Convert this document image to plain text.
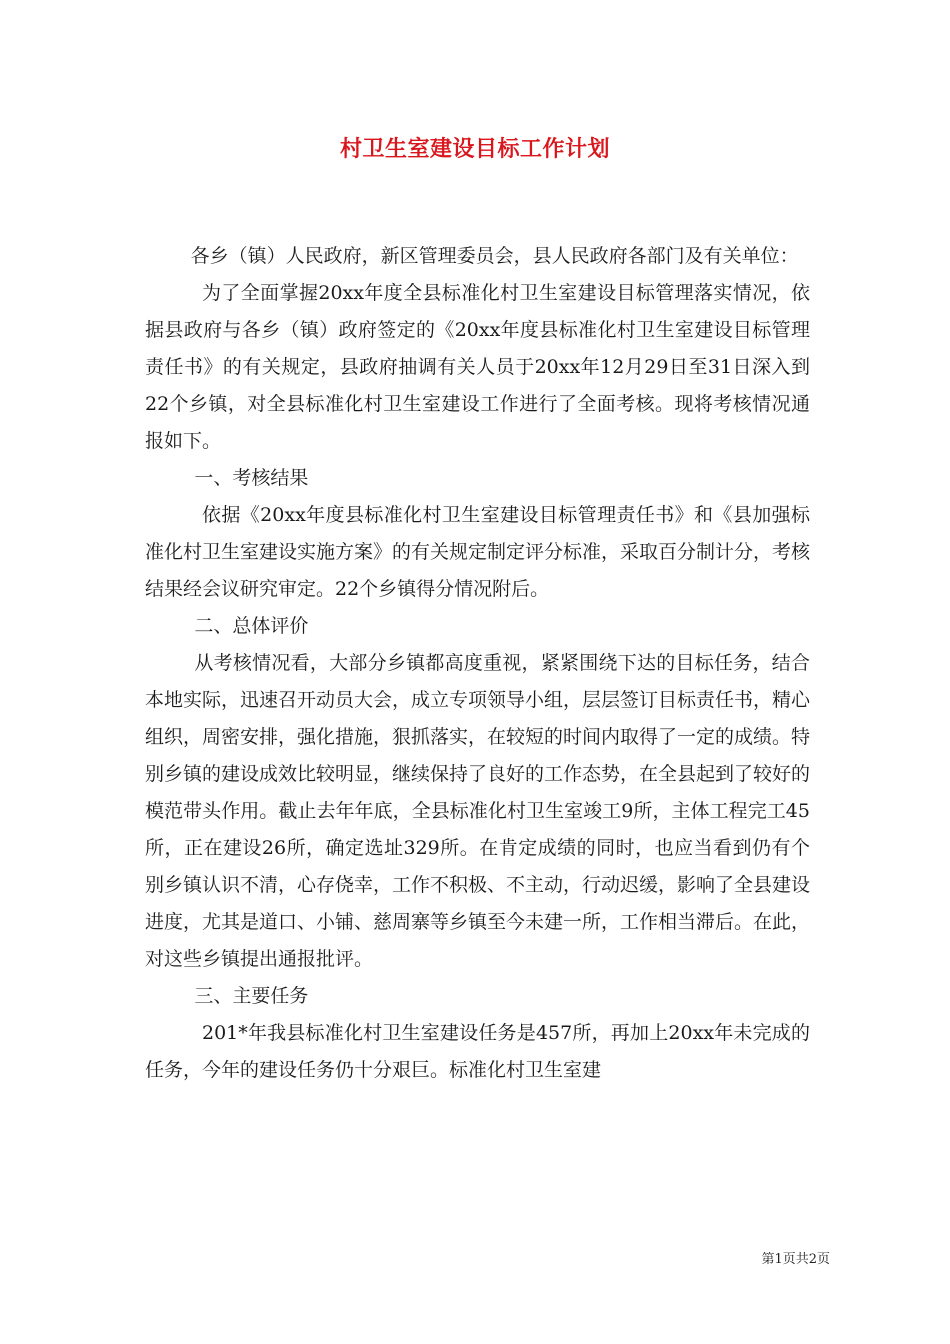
村卫生室建设目标工作计划

各乡（镇）人民政府，新区管理委员会，县人民政府各部门及有关单位：

为了全面掌握20xx年度全县标准化村卫生室建设目标管理落实情况，依据县政府与各乡（镇）政府签定的《20xx年度县标准化村卫生室建设目标管理责任书》的有关规定，县政府抽调有关人员于20xx年12月29日至31日深入到22个乡镇，对全县标准化村卫生室建设工作进行了全面考核。现将考核情况通报如下。

一、考核结果

依据《20xx年度县标准化村卫生室建设目标管理责任书》和《县加强标准化村卫生室建设实施方案》的有关规定制定评分标准，采取百分制计分，考核结果经会议研究审定。22个乡镇得分情况附后。

二、总体评价

从考核情况看，大部分乡镇都高度重视，紧紧围绕下达的目标任务，结合本地实际，迅速召开动员大会，成立专项领导小组，层层签订目标责任书，精心组织，周密安排，强化措施，狠抓落实，在较短的时间内取得了一定的成绩。特别乡镇的建设成效比较明显，继续保持了良好的工作态势，在全县起到了较好的模范带头作用。截止去年年底，全县标准化村卫生室竣工9所，主体工程完工45所，正在建设26所，确定选址329所。在肯定成绩的同时，也应当看到仍有个别乡镇认识不清，心存侥幸，工作不积极、不主动，行动迟缓，影响了全县建设进度，尤其是道口、小铺、慈周寨等乡镇至今未建一所，工作相当滞后。在此，对这些乡镇提出通报批评。

三、主要任务

201*年我县标准化村卫生室建设任务是457所，再加上20xx年未完成的任务，今年的建设任务仍十分艰巨。标准化村卫生室建

第1页共2页
